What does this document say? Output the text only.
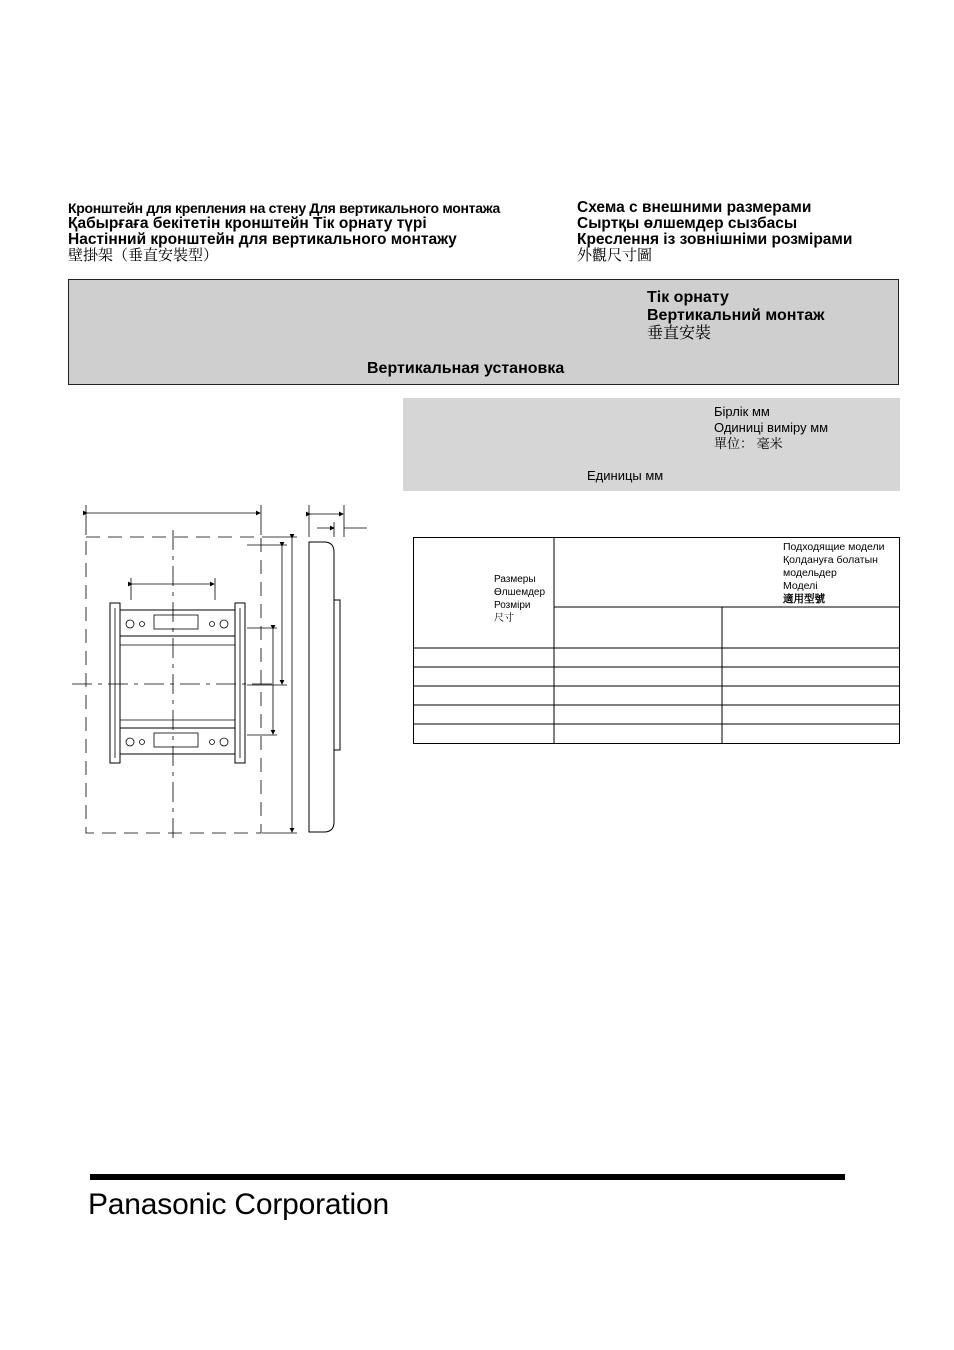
Кронштейн для крепления на стену Для вертикального монтажа
Қабырғаға бекітетін кронштейн Тік орнату түрі
Настінний кронштейн для вертикального монтажу
壁掛架（垂直安裝型）
Схема с внешними размерами
Сыртқы өлшемдер сызбасы
Креслення із зовнішніми розмірами
外觀尺寸圖
Тік орнату
Вертикальний монтаж
垂直安裝
Вертикальная установка
Бірлік мм
Одиниці виміру мм
單位： 毫米
Единицы мм
Размеры
Өлшемдер
Розміри
尺寸
Подходящие модели
Қолдануға болатын
модельдер
Моделі
適用型號
Panasonic Corporation
